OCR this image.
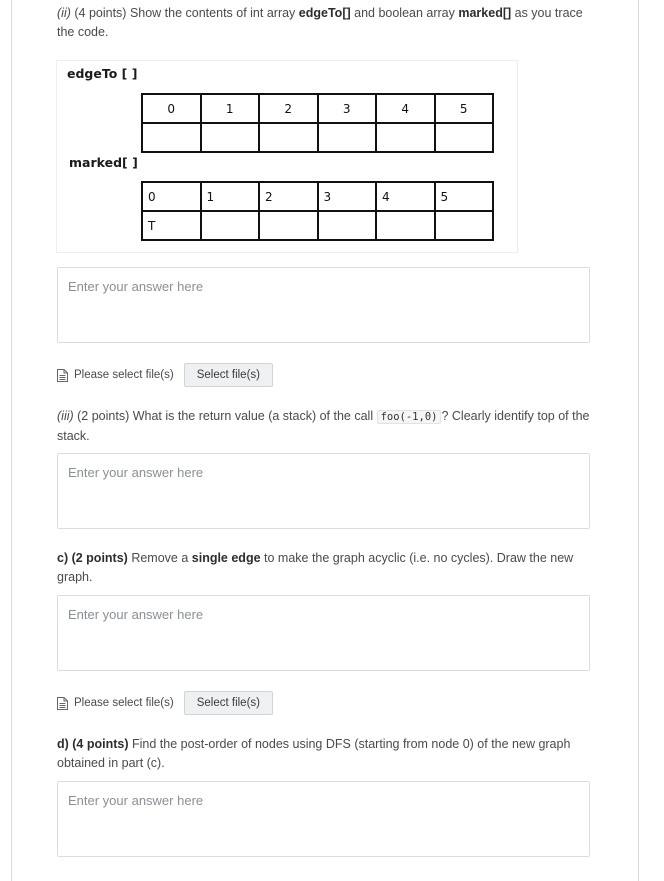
(ii) (4 points) Show the contents of int array edgeTo[] and boolean array marked[] as you trace the code.
edgeTo [ ]
0	1	2	3	4	5

marked[ ]
0	1	2	3	4	5
T					
Enter your answer here
Please select file(s)	Select file(s)
(iii) (2 points) What is the return value (a stack) of the call foo(-1,0) ? Clearly identify top of the stack.
Enter your answer here
c) (2 points) Remove a single edge to make the graph acyclic (i.e. no cycles). Draw the new graph.
Enter your answer here
Please select file(s)	Select file(s)
d) (4 points) Find the post-order of nodes using DFS (starting from node 0) of the new graph obtained in part (c).
Enter your answer here
